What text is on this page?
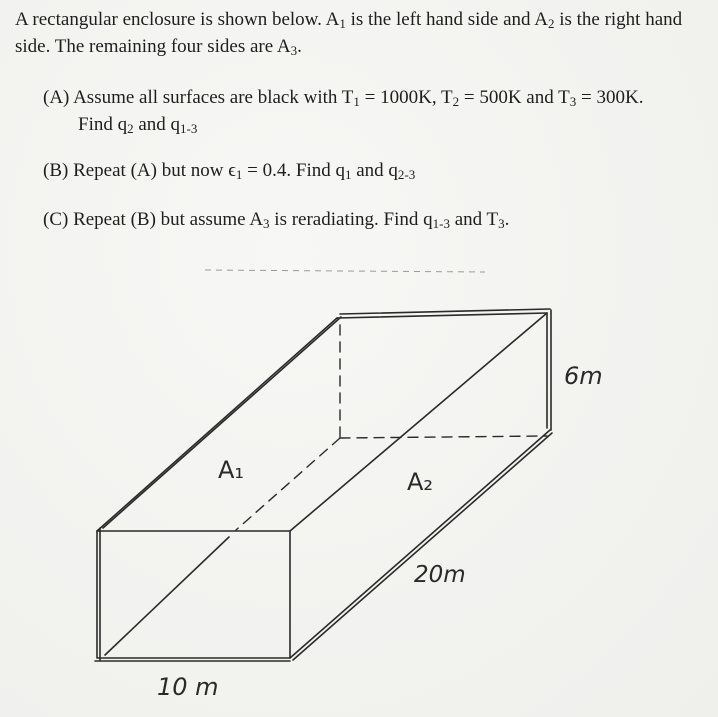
A rectangular enclosure is shown below. $A_1$ is the left hand side and $A_2$ is the right hand side. The remaining four sides are $A_3$.

(A) Assume all surfaces are black with $T_1 = 1000K$, $T_2 = 500K$ and $T_3 = 300K$.
Find $q_2$ and $q_{1-3}$

(B) Repeat (A) but now $\epsilon_1 = 0.4$. Find $q_1$ and $q_{2-3}$

(C) Repeat (B) but assume $A_3$ is reradiating. Find $q_{1-3}$ and $T_3$.

A₁	A₂
6m
20m
10 m
